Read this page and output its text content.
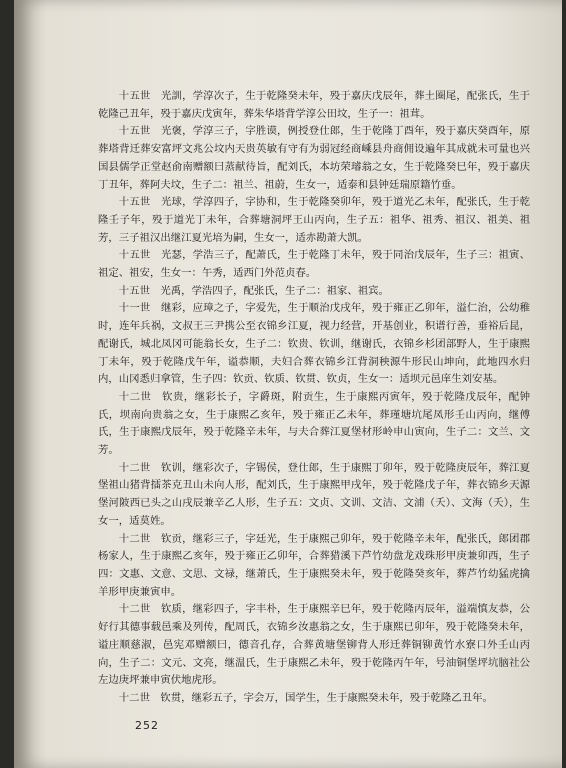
十五世　光訓，学淳次子，生于乾隆癸未年，殁于嘉庆戊辰年，葬土圈尾，配张氏，生于乾隆己丑年，殁于嘉庆戊寅年，葬朱华塔背学淳公田坟，生子一：祖茸。

十五世　光褒，学淳三子，字胜谟，例授登仕郎，生于乾隆丁酉年，殁于嘉庆癸酉年，原葬塔背迁葬安富坪文兆公坟内天贵英敏有守有为弱冠经商嵊县舟商佣设遍年其成就未可量也兴国县儒学正堂赵俞南赠额曰蒸献待旨，配刘氏，本坊荣璿翁之女，生于乾隆癸巳年，殁于嘉庆丁丑年，葬阿夫坟，生子二：祖兰、祖蔚，生女一，适泰和县钟廷瑞原籍竹垂。

十五世　光球，学淳四子，字协和，生于乾隆癸卯年，殁于道光乙未年，配张氏，生于乾隆壬子年，殁于道光丁未年，合葬塘洞坪王山丙向，生子五：祖华、祖秀、祖汉、祖美、祖芳，三子祖汉出继江夏光培为嗣，生女一，适赤勘萧大凯。

十五世　光瑟，学浩三子，配萧氏，生于乾隆丁未年，殁于同治戊辰年，生子三：祖寅、祖定、祖安，生女一：午秀，适西门外范贞春。

十五世　光禹，学浩四子，配张氏，生子二：祖家、祖宾。

十一世　继彩，应璋之子，字爱先，生于顺治戊戌年，殁于雍正乙卯年，溢仁治，公幼稚时，连年兵祸，文叔王三尹携公至衣锦乡江夏，视力经营，开基创业，积谱行善，垂裕后昆，配谢氏，城北凤冈可能翁长女，生子二：钦贵、钦训，继谢氏，衣锦乡杉团部野人，生于康熙丁未年，殁于乾隆戊午年，谥恭顺，夫妇合葬衣锦乡江背洞秧源牛形民山坤向，此地四水归内，山冈悉归拿管，生子四：钦贡、钦质、钦贯、钦贞，生女一：适坝元邑庠生刘安基。

十二世　钦贵，继彩长子，字爵斑，附贡生，生于康熙丙寅年，殁于乾隆戊辰年，配钟氏，坝南向贵翁之女，生于康熙乙亥年，殁于雍正乙未年，葬瑾塘坑尾凤形壬山丙向，继傅氏，生于康熙戊辰年，殁于乾隆辛未年，与夫合葬江夏堡材形岭申山寅向，生子二：文兰、文芳。

十二世　钦训，继彩次子，字锡侯，登仕郎，生于康熙丁卯年，殁于乾隆庚辰年，葬江夏堡祖山猪背擂茶克丑山未向人形，配刘氏，生于康熙甲戌年，殁于乾隆戊子年，葬衣锦乡天源堡河陂西已头之山戌辰兼辛乙人形，生子五：文贞、文训、文洁、文浦（夭）、文海（夭），生女一，适莫姓。

十二世　钦贡，继彩三子，字廷光，生于康熙己卯年，殁于乾隆辛未年，配张氏，郎团郡杨家人，生于康熙乙亥年，殁于雍正乙卯年，合葬猎溪下芦竹幼盘龙戏珠形甲庚兼卯西，生子四：文惠、文意、文思、文禄，继萧氏，生于康熙癸未年，殁于乾隆癸亥年，葬芦竹幼猛虎擒羊形甲庚兼寅申。

十二世　钦质，继彩四子，字丰朴，生于康熙辛巳年，殁于乾隆丙辰年，溢端慎友恭，公好行其德事载邑乘及列传，配周氏，衣锦乡汝惠翁之女，生于康熙已卯年，殁于乾隆癸未年，谥庄顺慈淑，邑宪邓赠额曰，德音孔存，合葬黄塘堡铆背人形迁葬铜铆黄竹水寮口外壬山丙向，生子二：文元、文亮，继温氏，生于康熙乙未年，殁于乾隆丙午年，号油铜堡坪坑脑社公左边庚坪兼申寅伏地虎形。

十二世　钦贯，继彩五子，字会万，国学生，生于康熙癸未年，殁于乾隆乙丑年。

252
